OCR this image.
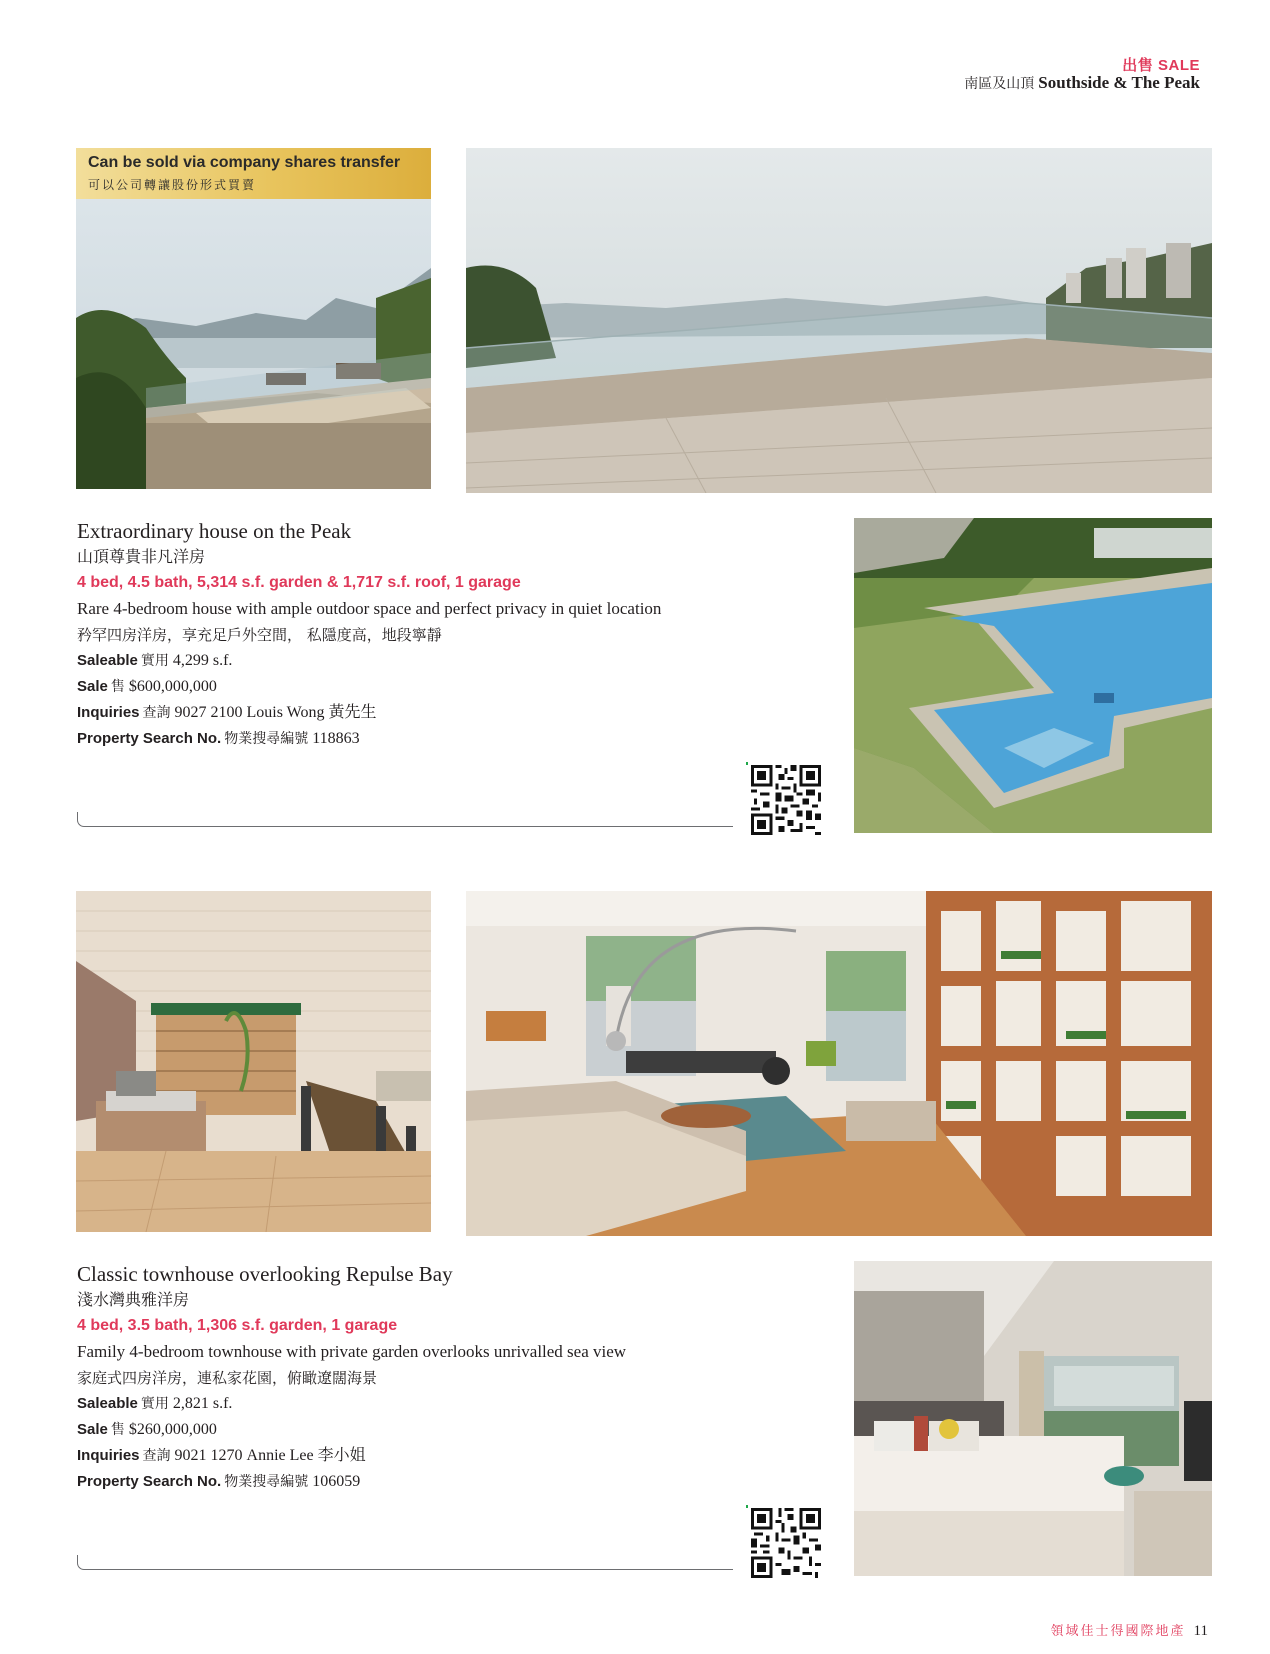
出售 SALE
南區及山頂 Southside & The Peak
Can be sold via company shares transfer
可以公司轉讓股份形式買賣
Extraordinary house on the Peak
山頂尊貴非凡洋房
4 bed, 4.5 bath, 5,314 s.f. garden & 1,717 s.f. roof, 1 garage
Rare 4-bedroom house with ample outdoor space and perfect privacy in quiet location
矜罕四房洋房，享充足戶外空間， 私隱度高，地段寧靜
Saleable 實用 4,299 s.f.
Sale 售 $600,000,000
Inquiries 查詢 9027 2100 Louis Wong 黃先生
Property Search No. 物業搜尋編號 118863
Classic townhouse overlooking Repulse Bay
淺水灣典雅洋房
4 bed, 3.5 bath, 1,306 s.f. garden, 1 garage
Family 4-bedroom townhouse with private garden overlooks unrivalled sea view
家庭式四房洋房，連私家花園，俯瞰遼闊海景
Saleable 實用 2,821 s.f.
Sale 售 $260,000,000
Inquiries 查詢 9021 1270 Annie Lee 李小姐
Property Search No. 物業搜尋編號 106059
領域佳士得國際地產 11
